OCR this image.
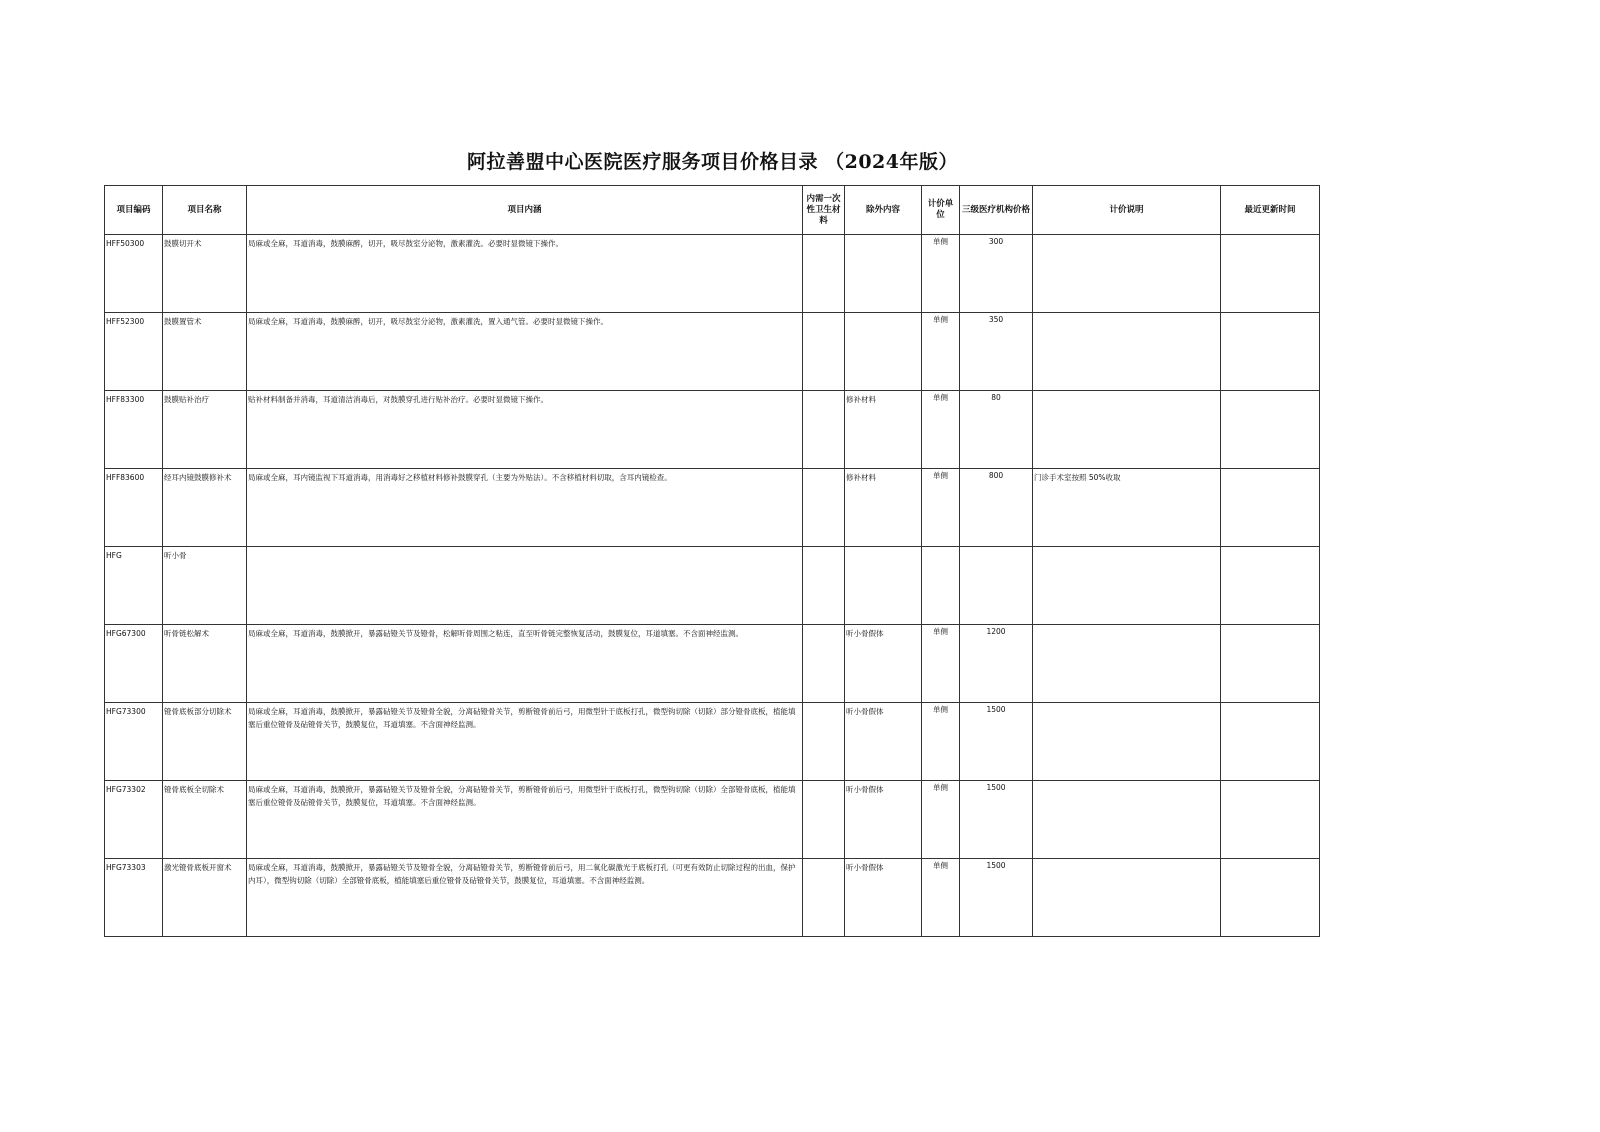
阿拉善盟中心医院医疗服务项目价格目录 （2024年版）
项目编码	项目名称	项目内涵	内需一次性卫生材料	除外内容	计价单位	三级医疗机构价格	计价说明	最近更新时间

HFF50300	鼓膜切开术	局麻或全麻，耳道消毒，鼓膜麻醉，切开，吸尽鼓室分泌物，激素灌洗。必要时显微镜下操作。			单侧	300		

HFF52300	鼓膜置管术	局麻或全麻，耳道消毒，鼓膜麻醉，切开，吸尽鼓室分泌物，激素灌洗，置入通气管。必要时显微镜下操作。			单侧	350		

HFF83300	鼓膜贴补治疗	贴补材料制备并消毒，耳道清洁消毒后，对鼓膜穿孔进行贴补治疗。必要时显微镜下操作。		修补材料	单侧	80		

HFF83600	经耳内镜鼓膜修补术	局麻或全麻，耳内镜监视下耳道消毒，用消毒好之移植材料修补鼓膜穿孔（主要为外贴法）。不含移植材料切取，含耳内镜检查。		修补材料	单侧	800	门诊手术室按照 50%收取	

HFG	听小骨							

HFG67300	听骨链松解术	局麻或全麻，耳道消毒，鼓膜掀开，暴露砧镫关节及镫骨，松解听骨周围之粘连，直至听骨链完整恢复活动，鼓膜复位，耳道填塞。不含面神经监测。		听小骨假体	单侧	1200		

HFG73300	镫骨底板部分切除术	局麻或全麻，耳道消毒，鼓膜掀开，暴露砧镫关节及镫骨全貌，分离砧镫骨关节，剪断镫骨前后弓，用微型针于底板打孔，微型钩切除（切除）部分镫骨底板，植能填塞后重位镫骨及砧镫骨关节，鼓膜复位，耳道填塞。不含面神经监测。		听小骨假体	单侧	1500		

HFG73302	镫骨底板全切除术	局麻或全麻，耳道消毒，鼓膜掀开，暴露砧镫关节及镫骨全貌，分离砧镫骨关节，剪断镫骨前后弓，用微型针于底板打孔，微型钩切除（切除）全部镫骨底板，植能填塞后重位镫骨及砧镫骨关节，鼓膜复位，耳道填塞。不含面神经监测。		听小骨假体	单侧	1500		

HFG73303	激光镫骨底板开窗术	局麻或全麻，耳道消毒，鼓膜掀开，暴露砧镫关节及镫骨全貌，分离砧镫骨关节，剪断镫骨前后弓，用二氧化碳激光于底板打孔（可更有效防止切除过程的出血，保护内耳），微型钩切除（切除）全部镫骨底板，植能填塞后重位镫骨及砧镫骨关节，鼓膜复位，耳道填塞。不含面神经监测。		听小骨假体	单侧	1500		
